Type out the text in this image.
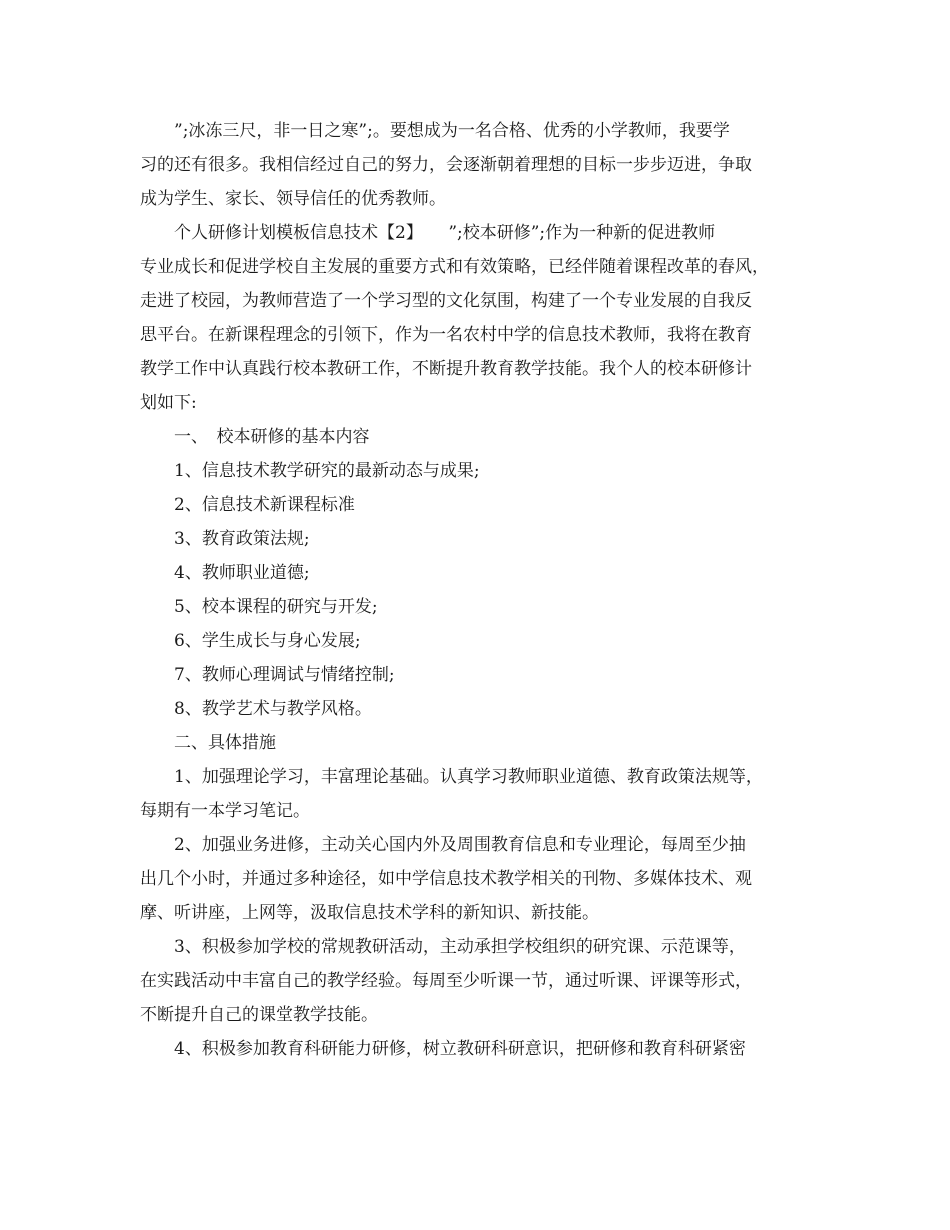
”;冰冻三尺，非一日之寒”;。要想成为一名合格、优秀的小学教师，我要学
习的还有很多。我相信经过自己的努力，会逐渐朝着理想的目标一步步迈进，争取
成为学生、家长、领导信任的优秀教师。
个人研修计划模板信息技术【2】　　”;校本研修”;作为一种新的促进教师
专业成长和促进学校自主发展的重要方式和有效策略，已经伴随着课程改革的春风，
走进了校园，为教师营造了一个学习型的文化氛围，构建了一个专业发展的自我反
思平台。在新课程理念的引领下，作为一名农村中学的信息技术教师，我将在教育
教学工作中认真践行校本教研工作，不断提升教育教学技能。我个人的校本研修计
划如下:
一、　校本研修的基本内容
1、信息技术教学研究的最新动态与成果;
2、信息技术新课程标准
3、教育政策法规;
4、教师职业道德;
5、校本课程的研究与开发;
6、学生成长与身心发展;
7、教师心理调试与情绪控制;
8、教学艺术与教学风格。
二、具体措施
1、加强理论学习，丰富理论基础。认真学习教师职业道德、教育政策法规等，
每期有一本学习笔记。
2、加强业务进修，主动关心国内外及周围教育信息和专业理论，每周至少抽
出几个小时，并通过多种途径，如中学信息技术教学相关的刊物、多媒体技术、观
摩、听讲座，上网等，汲取信息技术学科的新知识、新技能。
3、积极参加学校的常规教研活动，主动承担学校组织的研究课、示范课等，
在实践活动中丰富自己的教学经验。每周至少听课一节，通过听课、评课等形式，
不断提升自己的课堂教学技能。
4、积极参加教育科研能力研修，树立教研科研意识，把研修和教育科研紧密
